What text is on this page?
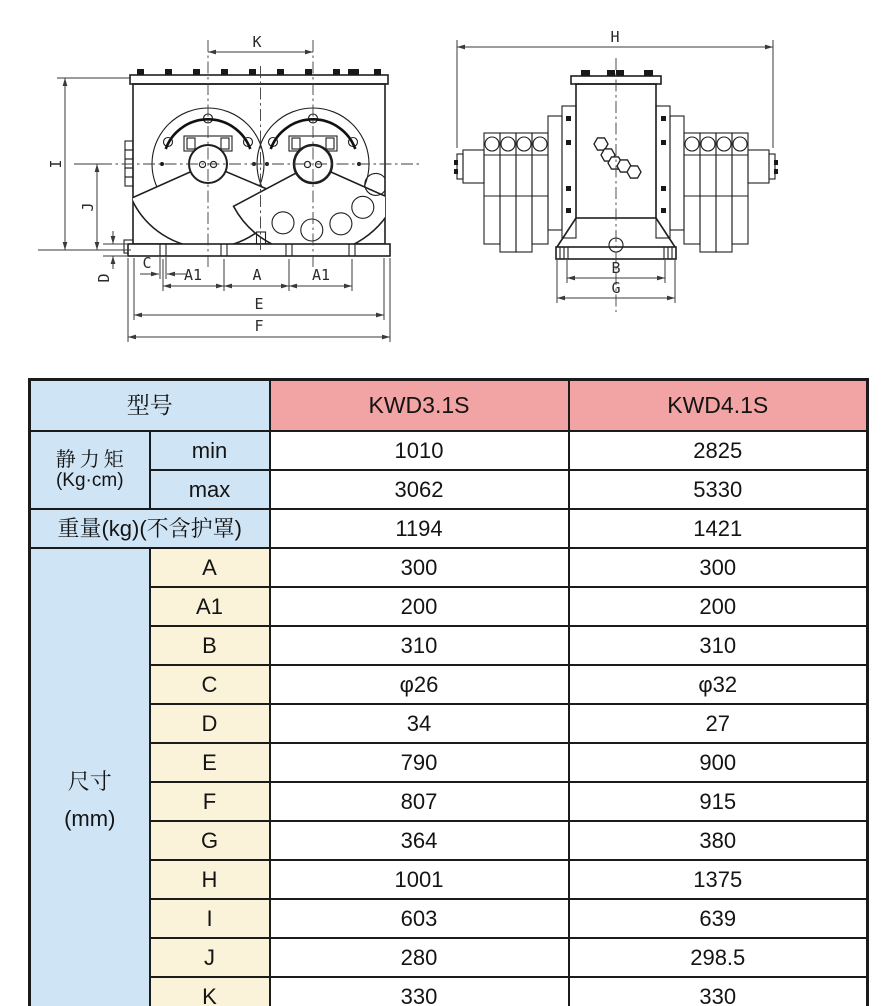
K
I
J
D
C
A1	A	A1
E
F
H
B
G
型号		KWD3.1S	KWD4.1S

静力矩
(Kg·cm)	min	1010	2825
	max	3062	5330
重量(kg)(不含护罩)		1194	1421

尺寸
(mm)	A	300	300
	A1	200	200
	B	310	310
	C	φ26	φ32
	D	34	27
	E	790	900
	F	807	915
	G	364	380
	H	1001	1375
	I	603	639
	J	280	298.5
	K	330	330
